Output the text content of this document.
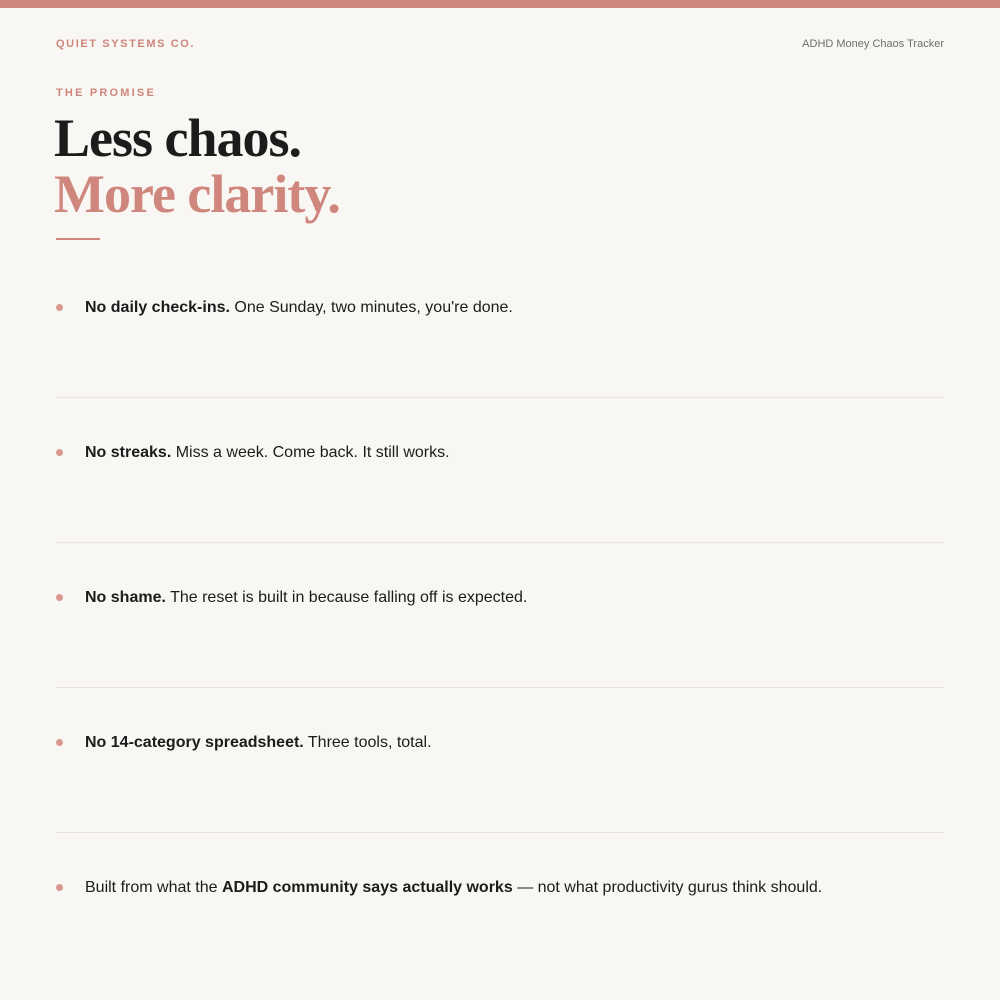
QUIET SYSTEMS CO.	ADHD Money Chaos Tracker
THE PROMISE
Less chaos.
More clarity.

No daily check-ins. One Sunday, two minutes, you're done.

No streaks. Miss a week. Come back. It still works.

No shame. The reset is built in because falling off is expected.

No 14-category spreadsheet. Three tools, total.

Built from what the ADHD community says actually works — not what productivity gurus think should.
